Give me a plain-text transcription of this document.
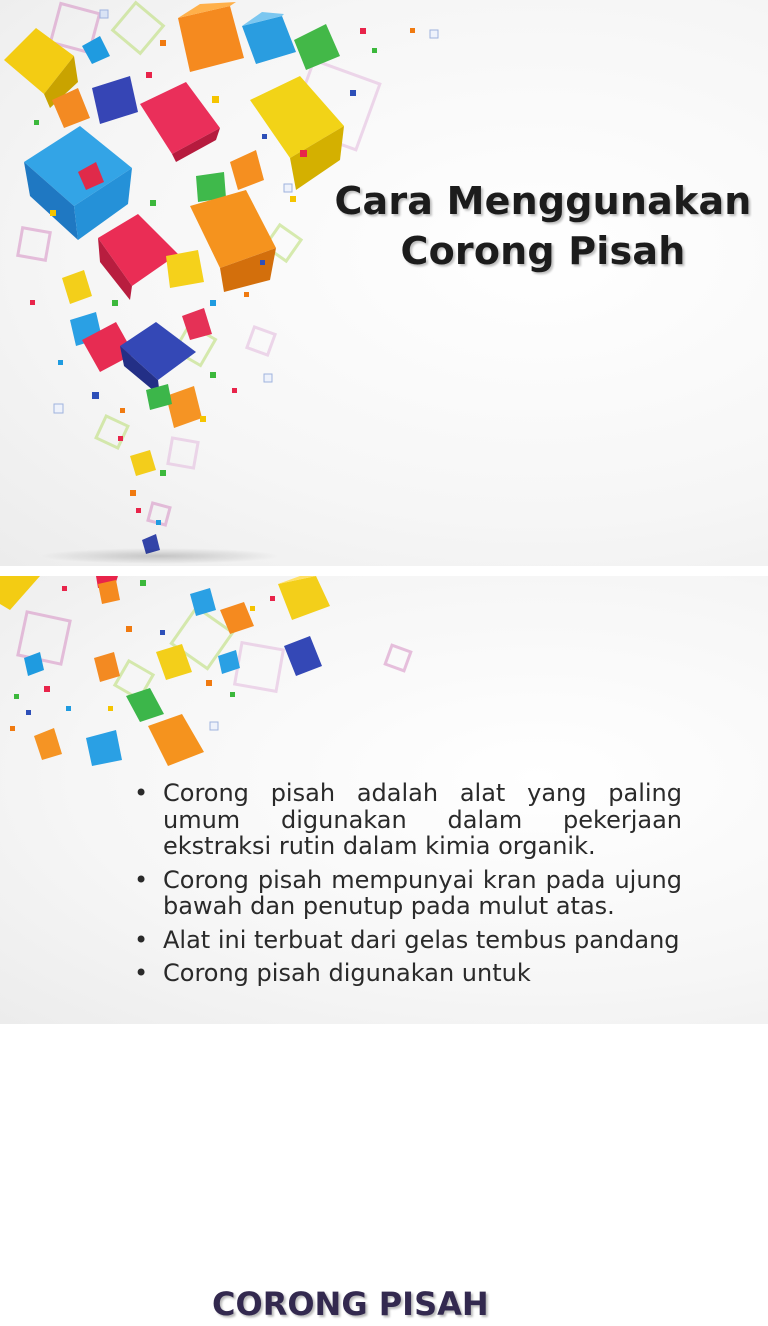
Cara Menggunakan
Corong Pisah
CORONG PISAH
• Corong pisah adalah alat yang paling umum digunakan dalam pekerjaan ekstraksi rutin dalam kimia organik.
• Corong pisah mempunyai kran pada ujung bawah dan penutup pada mulut atas.
• Alat ini terbuat dari gelas tembus pandang
• Corong pisah digunakan untuk
